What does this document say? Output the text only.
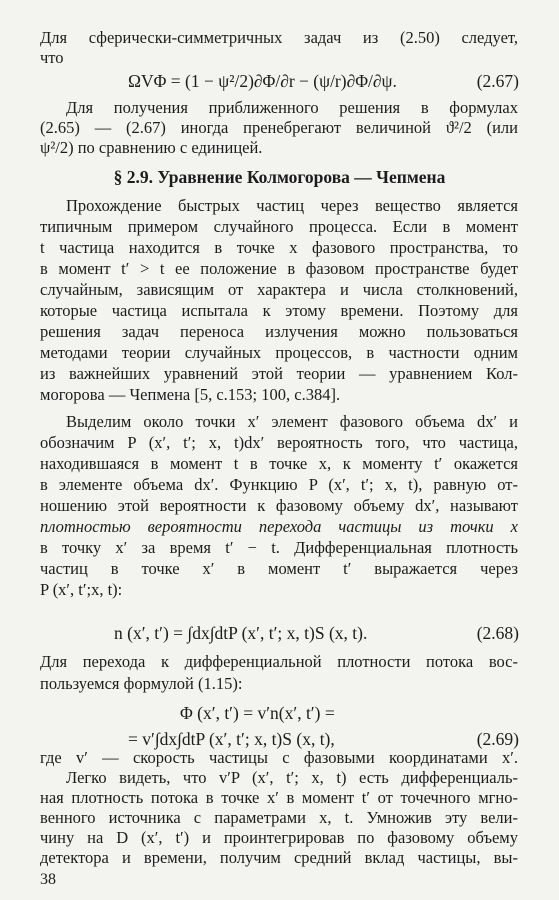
Для сферически-симметричных задач из (2.50) следует,
что
ΩVΦ = (1 − ψ²/2)∂Φ/∂r − (ψ/r)∂Φ/∂ψ.	(2.67)
Для получения приближенного решения в формулах
(2.65) — (2.67) иногда пренебрегают величиной ϑ²/2 (или
ψ²/2) по сравнению с единицей.
§ 2.9. Уравнение Колмогорова — Чепмена
Прохождение быстрых частиц через вещество является
типичным примером случайного процесса. Если в момент
t частица находится в точке x фазового пространства, то
в момент t′ > t ее положение в фазовом пространстве будет
случайным, зависящим от характера и числа столкновений,
которые частица испытала к этому времени. Поэтому для
решения задач переноса излучения можно пользоваться
методами теории случайных процессов, в частности одним
из важнейших уравнений этой теории — уравнением Кол-
могорова — Чепмена [5, с.153; 100, с.384].
Выделим около точки x′ элемент фазового объема dx′ и
обозначим P (x′, t′; x, t)dx′ вероятность того, что частица,
находившаяся в момент t в точке x, к моменту t′ окажется
в элементе объема dx′. Функцию P (x′, t′; x, t), равную от-
ношению этой вероятности к фазовому объему dx′, называют
плотностью вероятности перехода частицы из точки x
в точку x′ за время t′ − t. Дифференциальная плотность
частиц в точке x′ в момент t′ выражается через
P (x′, t′;x, t):
n (x′, t′) = ∫dx∫dtP (x′, t′; x, t)S (x, t).	(2.68)
Для перехода к дифференциальной плотности потока вос-
пользуемся формулой (1.15):
Φ (x′, t′) = v′n(x′, t′) =
= v′∫dx∫dtP (x′, t′; x, t)S (x, t),	(2.69)
где v′ — скорость частицы с фазовыми координатами x′.
Легко видеть, что v′P (x′, t′; x, t) есть дифференциаль-
ная плотность потока в точке x′ в момент t′ от точечного мгно-
венного источника с параметрами x, t. Умножив эту вели-
чину на D (x′, t′) и проинтегрировав по фазовому объему
детектора и времени, получим средний вклад частицы, вы-
38
